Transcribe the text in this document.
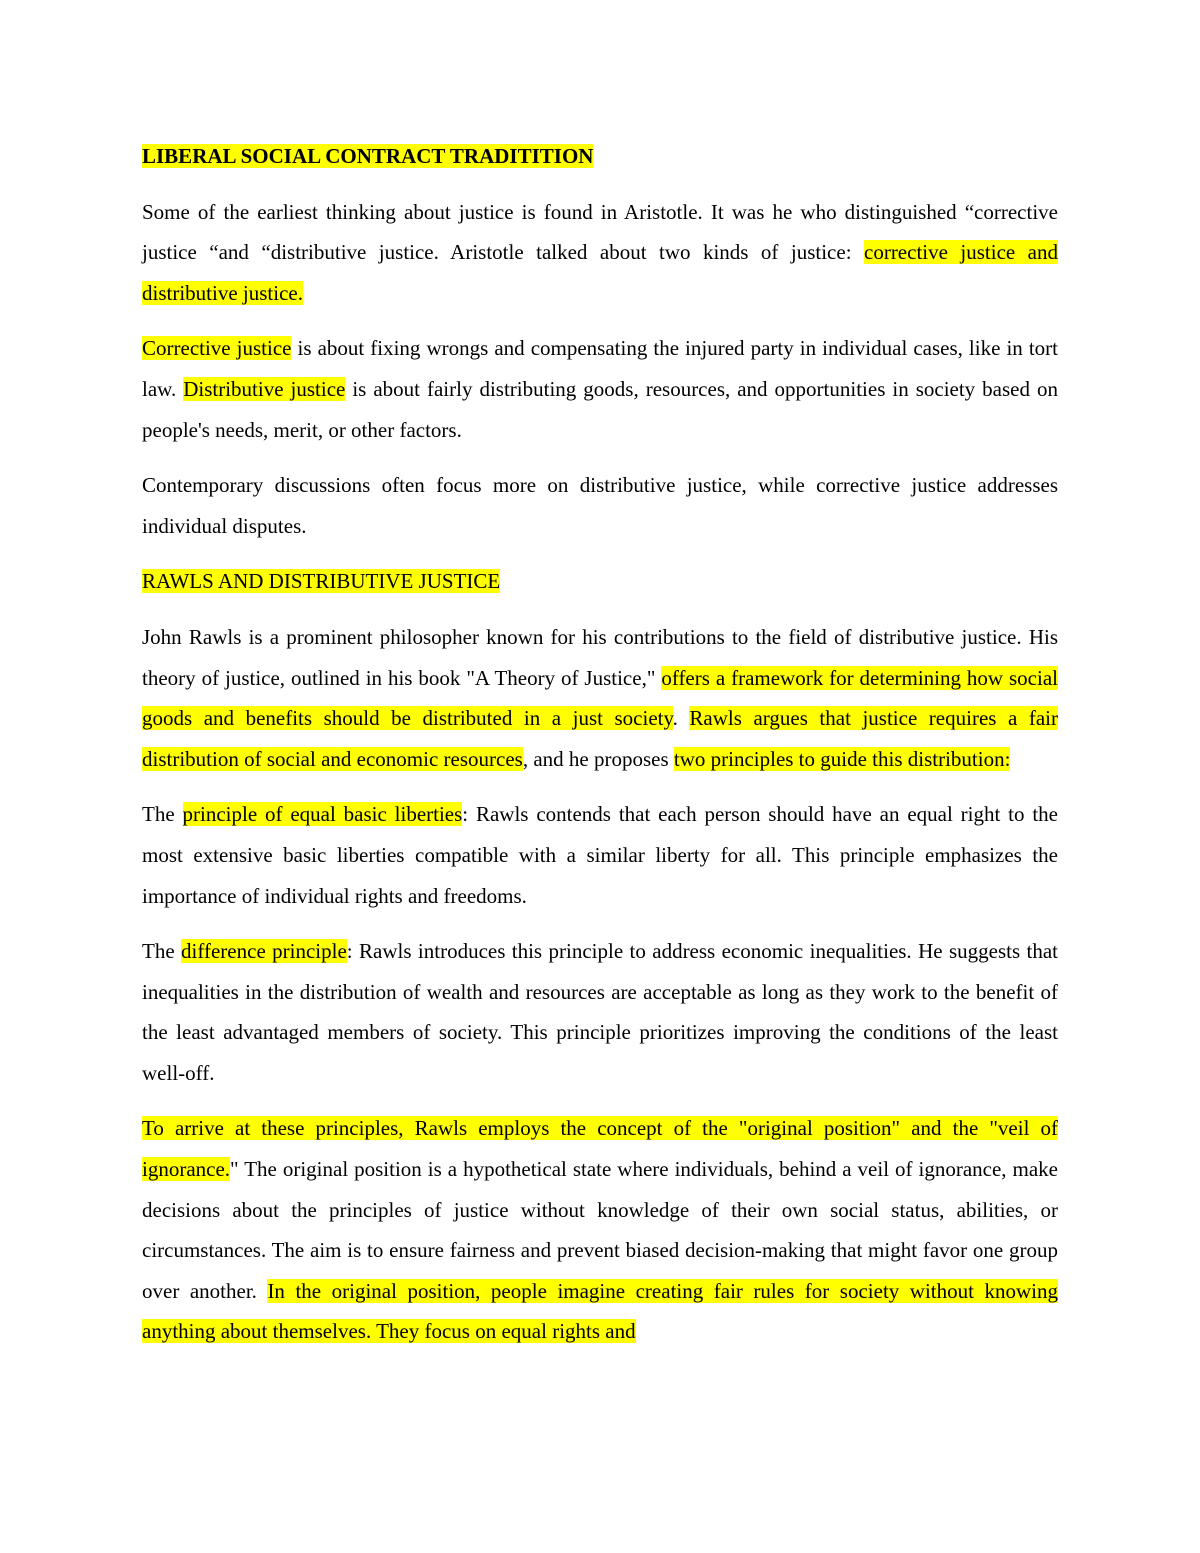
LIBERAL SOCIAL CONTRACT TRADITITION

Some of the earliest thinking about justice is found in Aristotle. It was he who distinguished “corrective justice “and “distributive justice. Aristotle talked about two kinds of justice: corrective justice and distributive justice.

Corrective justice is about fixing wrongs and compensating the injured party in individual cases, like in tort law. Distributive justice is about fairly distributing goods, resources, and opportunities in society based on people's needs, merit, or other factors.

Contemporary discussions often focus more on distributive justice, while corrective justice addresses individual disputes.

RAWLS AND DISTRIBUTIVE JUSTICE

John Rawls is a prominent philosopher known for his contributions to the field of distributive justice. His theory of justice, outlined in his book "A Theory of Justice," offers a framework for determining how social goods and benefits should be distributed in a just society. Rawls argues that justice requires a fair distribution of social and economic resources, and he proposes two principles to guide this distribution:

The principle of equal basic liberties: Rawls contends that each person should have an equal right to the most extensive basic liberties compatible with a similar liberty for all. This principle emphasizes the importance of individual rights and freedoms.

The difference principle: Rawls introduces this principle to address economic inequalities. He suggests that inequalities in the distribution of wealth and resources are acceptable as long as they work to the benefit of the least advantaged members of society. This principle prioritizes improving the conditions of the least well-off.

To arrive at these principles, Rawls employs the concept of the "original position" and the "veil of ignorance." The original position is a hypothetical state where individuals, behind a veil of ignorance, make decisions about the principles of justice without knowledge of their own social status, abilities, or circumstances. The aim is to ensure fairness and prevent biased decision-making that might favor one group over another. In the original position, people imagine creating fair rules for society without knowing anything about themselves. They focus on equal rights and
